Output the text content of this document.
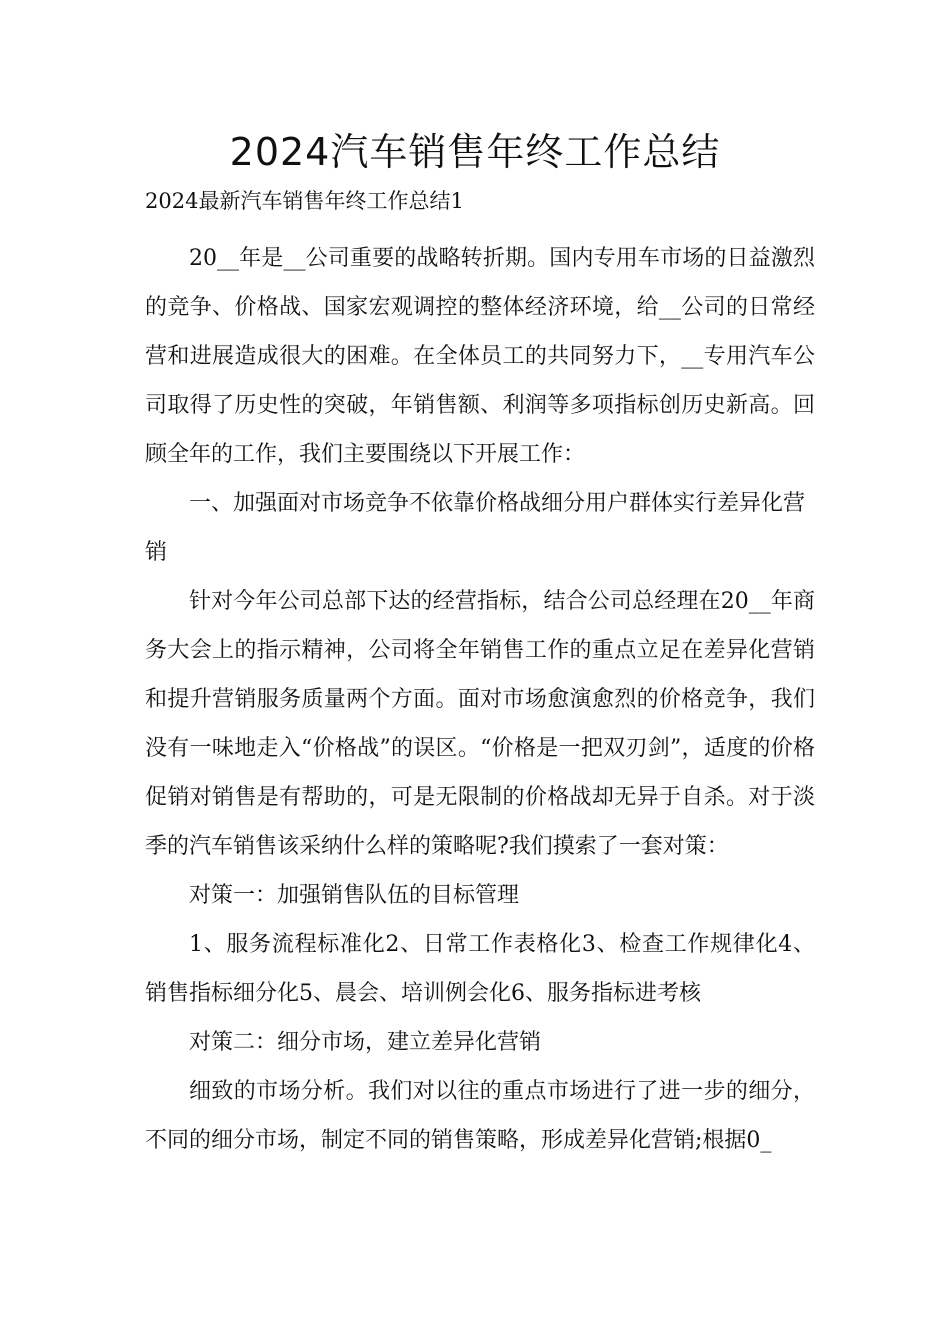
2024汽车销售年终工作总结
2024最新汽车销售年终工作总结1

20__年是__公司重要的战略转折期。国内专用车市场的日益激烈的竞争、价格战、国家宏观调控的整体经济环境，给__公司的日常经营和进展造成很大的困难。在全体员工的共同努力下，__专用汽车公司取得了历史性的突破，年销售额、利润等多项指标创历史新高。回顾全年的工作，我们主要围绕以下开展工作：

一、加强面对市场竞争不依靠价格战细分用户群体实行差异化营销

针对今年公司总部下达的经营指标，结合公司总经理在20__年商务大会上的指示精神，公司将全年销售工作的重点立足在差异化营销和提升营销服务质量两个方面。面对市场愈演愈烈的价格竞争，我们没有一味地走入“价格战”的误区。“价格是一把双刃剑”，适度的价格促销对销售是有帮助的，可是无限制的价格战却无异于自杀。对于淡季的汽车销售该采纳什么样的策略呢?我们摸索了一套对策：

对策一：加强销售队伍的目标管理

1、服务流程标准化2、日常工作表格化3、检查工作规律化4、销售指标细分化5、晨会、培训例会化6、服务指标进考核

对策二：细分市场，建立差异化营销

细致的市场分析。我们对以往的重点市场进行了进一步的细分，不同的细分市场，制定不同的销售策略，形成差异化营销;根据0_
